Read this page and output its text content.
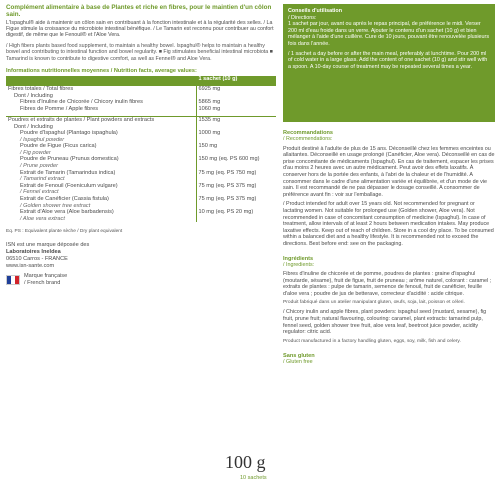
Complément alimentaire à base de Plantes et riche en fibres, pour le maintien d'un côlon sain.
L'Ispaghul® aide à maintenir un côlon sain en contribuant à la fonction intestinale et à la régularité des selles. / La Figue stimule la croissance du microbiote intestinal bénéfique. / Le Tamarin est reconnu pour contribuer au confort digestif, de même que le Fenouil® et l'Aloe Vera.
/ High fibers plants based food supplement, to maintain a healthy bowel. Ispaghul® helps to maintain a healthy bowel and contributing to intestinal function and bowel regularity. ■ Fig stimulates beneficial intestinal microbiota ■ Tamarind is known to contribute to digestive comfort, as well as Fennel® and Aloe Vera.
Informations nutritionnelles moyennes / Nutrition facts, average values:
	1 sachet (10 g)
Fibres totales / Total fibres	6925 mg
Dont / Including	
Fibres d'Inuline de Chicorée / Chicory inulin fibres	5865 mg
Fibres de Pomme / Apple fibres	1060 mg

Poudres et extraits de plantes / Plant powders and extracts	1535 mg
Dont / Including	
Poudre d'Ispaghul (Plantago ispaghula)	1000 mg
/ Ispaghul powder	
Poudre de Figue (Ficus carica)	150 mg
/ Fig powder	
Poudre de Pruneau (Prunus domestica)	150 mg (eq. PS 600 mg)
/ Prune powder	
Extrait de Tamarin (Tamarindus indica)	75 mg (eq. PS 750 mg)
/ Tamarind extract	
Extrait de Fenouil (Foeniculum vulgare)	75 mg (eq. PS 375 mg)
/ Fennel extract	
Extrait de Canéficier (Cassia fistula)	75 mg (eq. PS 375 mg)
/ Golden shower tree extract	
Extrait d'Aloe vera (Aloe barbadensis)	10 mg (eq. PS 20 mg)
/ Aloe vera extract	
Eq. PS : Equivalent plante sèche / Dry plant equivalent
ISN est une marque déposée des
Laboratoires Ineldea
06510 Carros - FRANCE
www.isn-sante.com
Marque française
/ French brand
100 g
10 sachets
Conseils d'utilisation
/ Directions:
1 sachet par jour, avant ou après le repas principal, de préférence le midi. Verser 200 ml d'eau froide dans un verre. Ajouter le contenu d'un sachet (10 g) et bien mélanger à l'aide d'une cuillère. Cure de 10 jours, pouvant être renouvelée plusieurs fois dans l'année.
/ 1 sachet a day before or after the main meal, preferably at lunchtime. Pour 200 ml of cold water in a large glass. Add the content of one sachet (10 g) and stir well with a spoon. A 10-day course of treatment may be repeated several times a year.
Recommandations
/ Recommendations:
Produit destiné à l'adulte de plus de 15 ans. Déconseillé chez les femmes enceintes ou allaitantes. Déconseillé en usage prolongé (Canéficier, Aloe vera). Déconseillé en cas de prise concomitante de médicaments (Ispaghul). En cas de traitement, espacer les prises d'au moins 2 heures avec un autre médicament. Peut avoir des effets laxatifs. À conserver hors de la portée des enfants, à l'abri de la chaleur et de l'humidité. A consommer dans le cadre d'une alimentation variée et équilibrée, et d'un mode de vie sain. Il est recommandé de ne pas dépasser le dosage conseillé. A consommer de préférence avant fin : voir sur l'emballage.
/ Product intended for adult over 15 years old. Not recommended for pregnant or lactating women. Not suitable for prolonged use (Golden shower, Aloe vera). Not recommended in case of concomitant consumption of medicine (Ispaghul). In case of treatment, allow intervals of at least 2 hours between medication intakes. May produce laxative effects. Keep out of reach of children. Store in a cool dry place. To be consumed within a balanced diet and a healthy lifestyle. It is recommended not to exceed the directions. Best before end: see on the packaging.
Ingrédients
/ Ingredients:
Fibres d'inuline de chicorée et de pomme, poudres de plantes : graine d'ispaghul (moutarde, sésame), fruit de figue, fruit de pruneau ; arôme naturel, colorant : caramel ; extraits de plantes : pulpe de tamarin, semence de fenouil, fruit de canéficier, feuille d'aloe vera ; poudre de jus de betterave, correcteur d'acidité : acide citrique.
Produit fabriqué dans un atelier manipulant gluten, œufs, soja, lait, poisson et céleri.
/ Chicory inulin and apple fibres, plant powders: ispaghul seed (mustard, sesame), fig fruit, prune fruit; natural flavouring, colouring: caramel, plant extracts: tamarind pulp, fennel seed, golden shower tree fruit, aloe vera leaf, beetroot juice powder, acidity regulator: citric acid.
Product manufactured in a factory handling gluten, eggs, soy, milk, fish and celery.
Sans gluten
/ Gluten free
